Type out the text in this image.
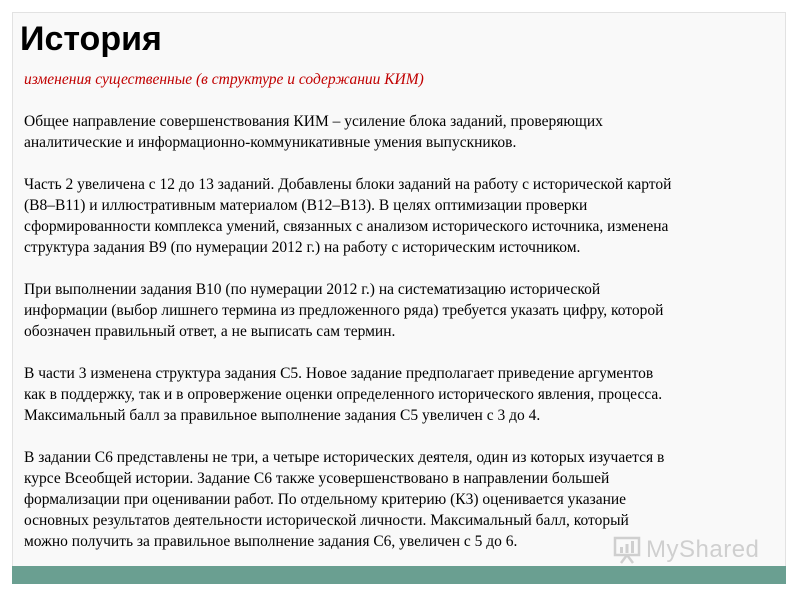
История

изменения существенные (в структуре и содержании КИМ)

Общее направление совершенствования КИМ – усиление блока заданий, проверяющих
аналитические и информационно-коммуникативные умения выпускников.

Часть 2 увеличена с 12 до 13 заданий. Добавлены блоки заданий на работу с исторической картой
(В8–В11) и иллюстративным материалом (В12–В13). В целях оптимизации проверки
сформированности комплекса умений, связанных с анализом исторического источника, изменена
структура задания В9 (по нумерации 2012 г.) на работу с историческим источником.

При выполнении задания В10 (по нумерации 2012 г.) на систематизацию исторической
информации (выбор лишнего термина из предложенного ряда) требуется указать цифру, которой
обозначен правильный ответ, а не выписать сам термин.

В части 3 изменена структура задания С5. Новое задание предполагает приведение аргументов
как в поддержку, так и в опровержение оценки определенного исторического явления, процесса.
Максимальный балл за правильное выполнение задания С5 увеличен с 3 до 4.

В задании С6 представлены не три, а четыре исторических деятеля, один из которых изучается в
курсе Всеобщей истории. Задание С6 также усовершенствовано в направлении большей
формализации при оценивании работ. По отдельному критерию (К3) оценивается указание
основных результатов деятельности исторической личности. Максимальный балл, который
можно получить за правильное выполнение задания С6, увеличен с 5 до 6.	MyShared
